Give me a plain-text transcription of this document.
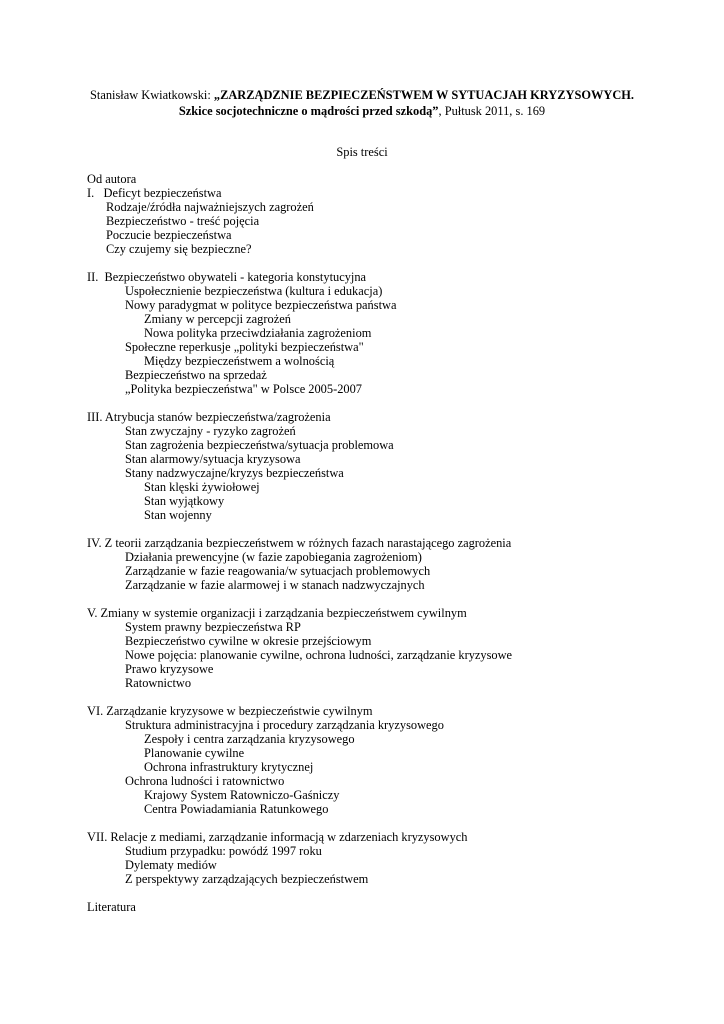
Stanisław Kwiatkowski: „ZARZĄDZNIE BEZPIECZEŃSTWEM W SYTUACJAH KRYZYSOWYCH.
Szkice socjotechniczne o mądrości przed szkodą”, Pułtusk 2011, s. 169
Spis treści
Od autora
I.   Deficyt bezpieczeństwa
Rodzaje/źródła najważniejszych zagrożeń
Bezpieczeństwo - treść pojęcia
Poczucie bezpieczeństwa
Czy czujemy się bezpieczne?
II.  Bezpieczeństwo obywateli - kategoria konstytucyjna
Uspołecznienie bezpieczeństwa (kultura i edukacja)
Nowy paradygmat w polityce bezpieczeństwa państwa
Zmiany w percepcji zagrożeń
Nowa polityka przeciwdziałania zagrożeniom
Społeczne reperkusje „polityki bezpieczeństwa"
Między bezpieczeństwem a wolnością
Bezpieczeństwo na sprzedaż
„Polityka bezpieczeństwa" w Polsce 2005-2007
III. Atrybucja stanów bezpieczeństwa/zagrożenia
Stan zwyczajny - ryzyko zagrożeń
Stan zagrożenia bezpieczeństwa/sytuacja problemowa
Stan alarmowy/sytuacja kryzysowa
Stany nadzwyczajne/kryzys bezpieczeństwa
Stan klęski żywiołowej
Stan wyjątkowy
Stan wojenny
IV. Z teorii zarządzania bezpieczeństwem w różnych fazach narastającego zagrożenia
Działania prewencyjne (w fazie zapobiegania zagrożeniom)
Zarządzanie w fazie reagowania/w sytuacjach problemowych
Zarządzanie w fazie alarmowej i w stanach nadzwyczajnych
V. Zmiany w systemie organizacji i zarządzania bezpieczeństwem cywilnym
System prawny bezpieczeństwa RP
Bezpieczeństwo cywilne w okresie przejściowym
Nowe pojęcia: planowanie cywilne, ochrona ludności, zarządzanie kryzysowe
Prawo kryzysowe
Ratownictwo
VI. Zarządzanie kryzysowe w bezpieczeństwie cywilnym
Struktura administracyjna i procedury zarządzania kryzysowego
Zespoły i centra zarządzania kryzysowego
Planowanie cywilne
Ochrona infrastruktury krytycznej
Ochrona ludności i ratownictwo
Krajowy System Ratowniczo-Gaśniczy
Centra Powiadamiania Ratunkowego
VII. Relacje z mediami, zarządzanie informacją w zdarzeniach kryzysowych
Studium przypadku: powódź 1997 roku
Dylematy mediów
Z perspektywy zarządzających bezpieczeństwem
Literatura
